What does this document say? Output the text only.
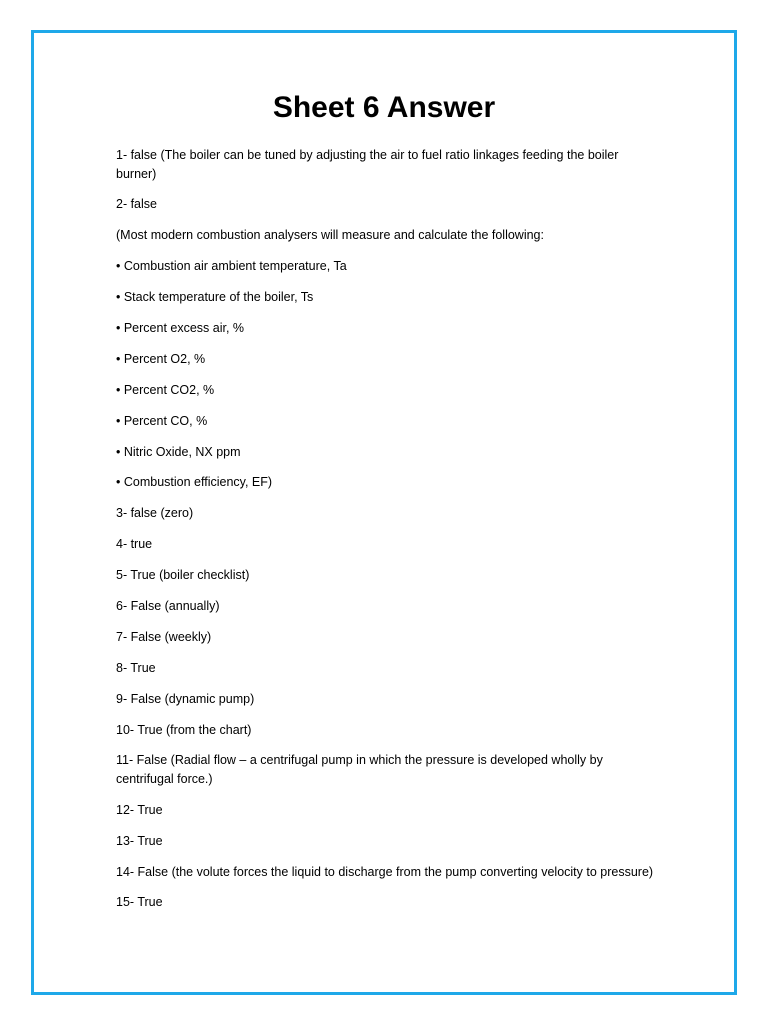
Sheet 6 Answer

1- false (The boiler can be tuned by adjusting the air to fuel ratio linkages feeding the boiler burner)

2- false

(Most modern combustion analysers will measure and calculate the following:

• Combustion air ambient temperature, Ta

• Stack temperature of the boiler, Ts

• Percent excess air, %

• Percent O2, %

• Percent CO2, %

• Percent CO, %

• Nitric Oxide, NX ppm

• Combustion efficiency, EF)

3- false (zero)

4- true

5- True (boiler checklist)

6- False (annually)

7- False (weekly)

8- True

9- False (dynamic pump)

10- True (from the chart)

11- False (Radial flow – a centrifugal pump in which the pressure is developed wholly by centrifugal force.)

12- True

13- True

14- False (the volute forces the liquid to discharge from the pump converting velocity to pressure)

15- True
